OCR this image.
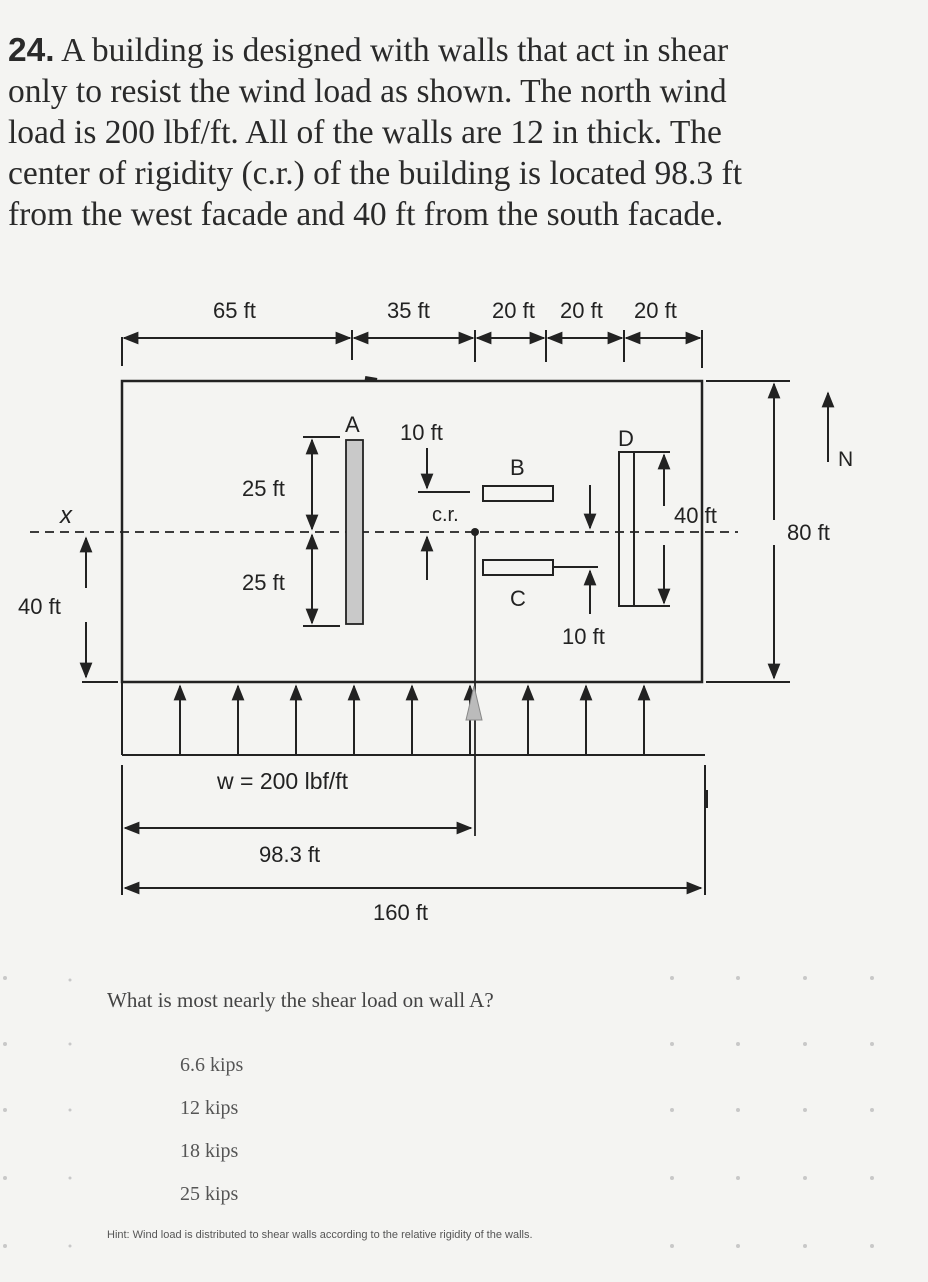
24. A building is designed with walls that act in shear
only to resist the wind load as shown. The north wind
load is 200 lbf/ft. All of the walls are 12 in thick. The
center of rigidity (c.r.) of the building is located 98.3 ft
from the west facade and 40 ft from the south facade.
65 ft	35 ft	20 ft 20 ft 20 ft
A 10 ft
B
D
c.r.
25 ft
25 ft
C
10 ft
40 ft
80 ft
40 ft
x
N
w = 200 lbf/ft
98.3 ft
160 ft
What is most nearly the shear load on wall A?
6.6 kips
12 kips
18 kips
25 kips
Hint: Wind load is distributed to shear walls according to the relative rigidity of the walls.
